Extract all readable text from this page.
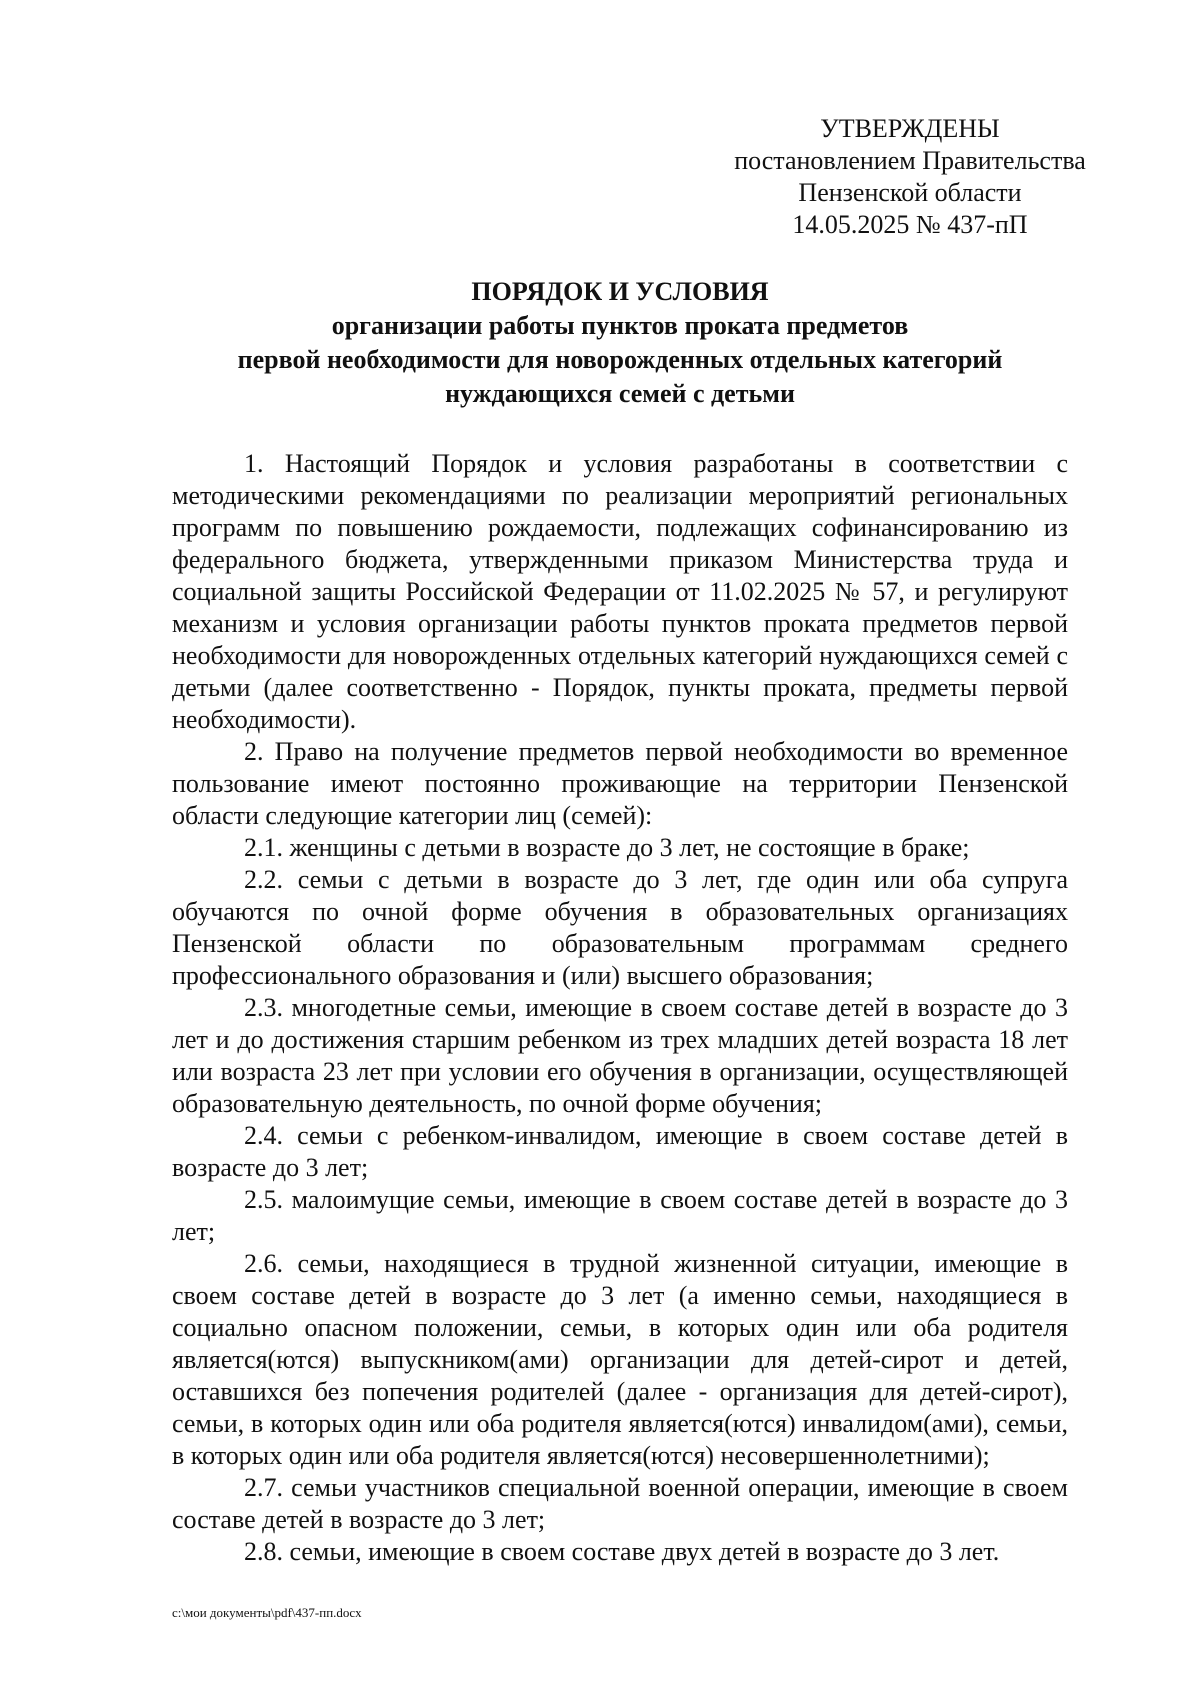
УТВЕРЖДЕНЫ
постановлением Правительства
Пензенской области
14.05.2025 № 437-пП
ПОРЯДОК И УСЛОВИЯ
организации работы пунктов проката предметов
первой необходимости для новорожденных отдельных категорий
нуждающихся семей с детьми

1. Настоящий Порядок и условия разработаны в соответствии с методическими рекомендациями по реализации мероприятий региональных программ по повышению рождаемости, подлежащих софинансированию из федерального бюджета, утвержденными приказом Министерства труда и социальной защиты Российской Федерации от 11.02.2025 № 57, и регулируют механизм и условия организации работы пунктов проката предметов первой необходимости для новорожденных отдельных категорий нуждающихся семей с детьми (далее соответственно - Порядок, пункты проката, предметы первой необходимости).

2. Право на получение предметов первой необходимости во временное пользование имеют постоянно проживающие на территории Пензенской области следующие категории лиц (семей):

2.1. женщины с детьми в возрасте до 3 лет, не состоящие в браке;

2.2. семьи с детьми в возрасте до 3 лет, где один или оба супруга обучаются по очной форме обучения в образовательных организациях Пензенской области по образовательным программам среднего профессионального образования и (или) высшего образования;

2.3. многодетные семьи, имеющие в своем составе детей в возрасте до 3 лет и до достижения старшим ребенком из трех младших детей возраста 18 лет или возраста 23 лет при условии его обучения в организации, осуществляющей образовательную деятельность, по очной форме обучения;

2.4. семьи с ребенком-инвалидом, имеющие в своем составе детей в возрасте до 3 лет;

2.5. малоимущие семьи, имеющие в своем составе детей в возрасте до 3 лет;

2.6. семьи, находящиеся в трудной жизненной ситуации, имеющие в своем составе детей в возрасте до 3 лет (а именно семьи, находящиеся в социально опасном положении, семьи, в которых один или оба родителя является(ются) выпускником(ами) организации для детей-сирот и детей, оставшихся без попечения родителей (далее - организация для детей-сирот), семьи, в которых один или оба родителя является(ются) инвалидом(ами), семьи, в которых один или оба родителя является(ются) несовершеннолетними);

2.7. семьи участников специальной военной операции, имеющие в своем составе детей в возрасте до 3 лет;

2.8. семьи, имеющие в своем составе двух детей в возрасте до 3 лет.

c:\мои документы\pdf\437-пп.docx
